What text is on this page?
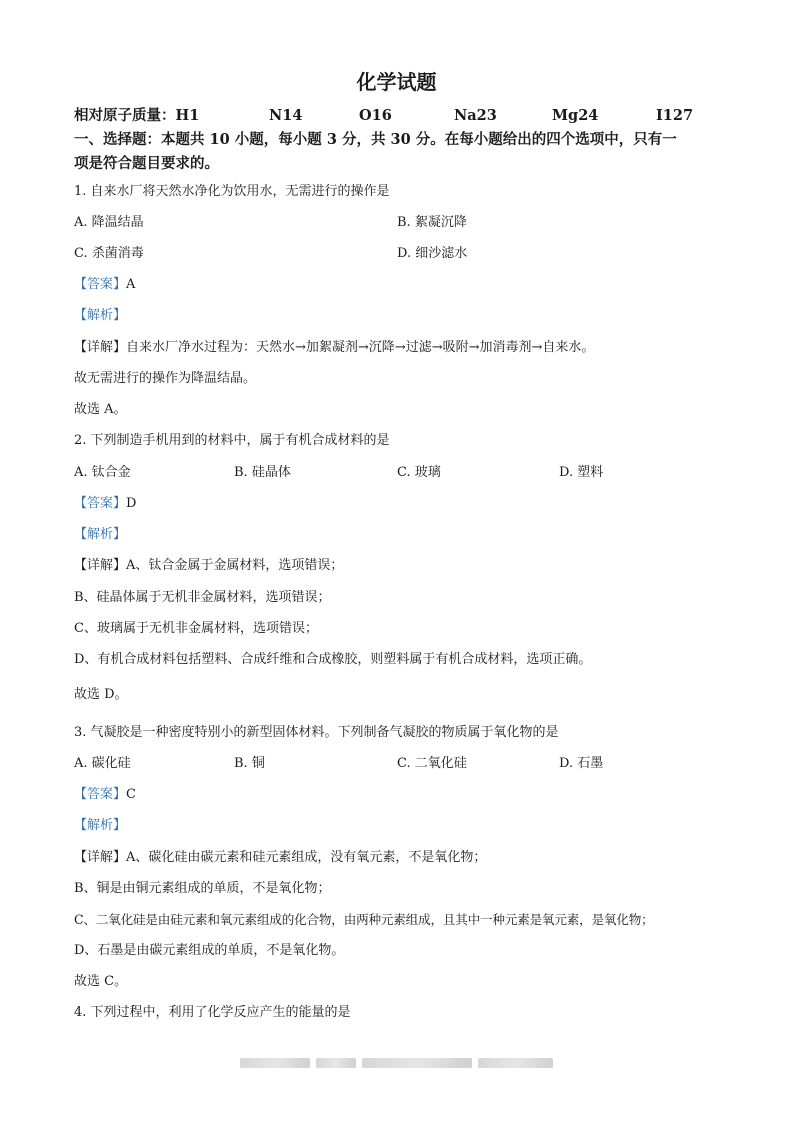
化学试题
相对原子质量：H1	N14	O16	Na23	Mg24	I127
一、选择题：本题共 10 小题，每小题 3 分，共 30 分。在每小题给出的四个选项中，只有一
项是符合题目要求的。
1. 自来水厂将天然水净化为饮用水，无需进行的操作是
A. 降温结晶	B. 絮凝沉降
C. 杀菌消毒	D. 细沙滤水
【答案】A
【解析】
【详解】自来水厂净水过程为：天然水→加絮凝剂→沉降→过滤→吸附→加消毒剂→自来水。
故无需进行的操作为降温结晶。
故选 A。
2. 下列制造手机用到的材料中，属于有机合成材料的是
A. 钛合金	B. 硅晶体	C. 玻璃	D. 塑料
【答案】D
【解析】
【详解】A、钛合金属于金属材料，选项错误；
B、硅晶体属于无机非金属材料，选项错误；
C、玻璃属于无机非金属材料，选项错误；
D、有机合成材料包括塑料、合成纤维和合成橡胶，则塑料属于有机合成材料，选项正确。
故选 D。
3. 气凝胶是一种密度特别小的新型固体材料。下列制备气凝胶的物质属于氧化物的是
A. 碳化硅	B. 铜	C. 二氧化硅	D. 石墨
【答案】C
【解析】
【详解】A、碳化硅由碳元素和硅元素组成，没有氧元素，不是氧化物；
B、铜是由铜元素组成的单质，不是氧化物；
C、二氧化硅是由硅元素和氧元素组成的化合物，由两种元素组成，且其中一种元素是氧元素，是氧化物；
D、石墨是由碳元素组成的单质，不是氧化物。
故选 C。
4. 下列过程中，利用了化学反应产生的能量的是
